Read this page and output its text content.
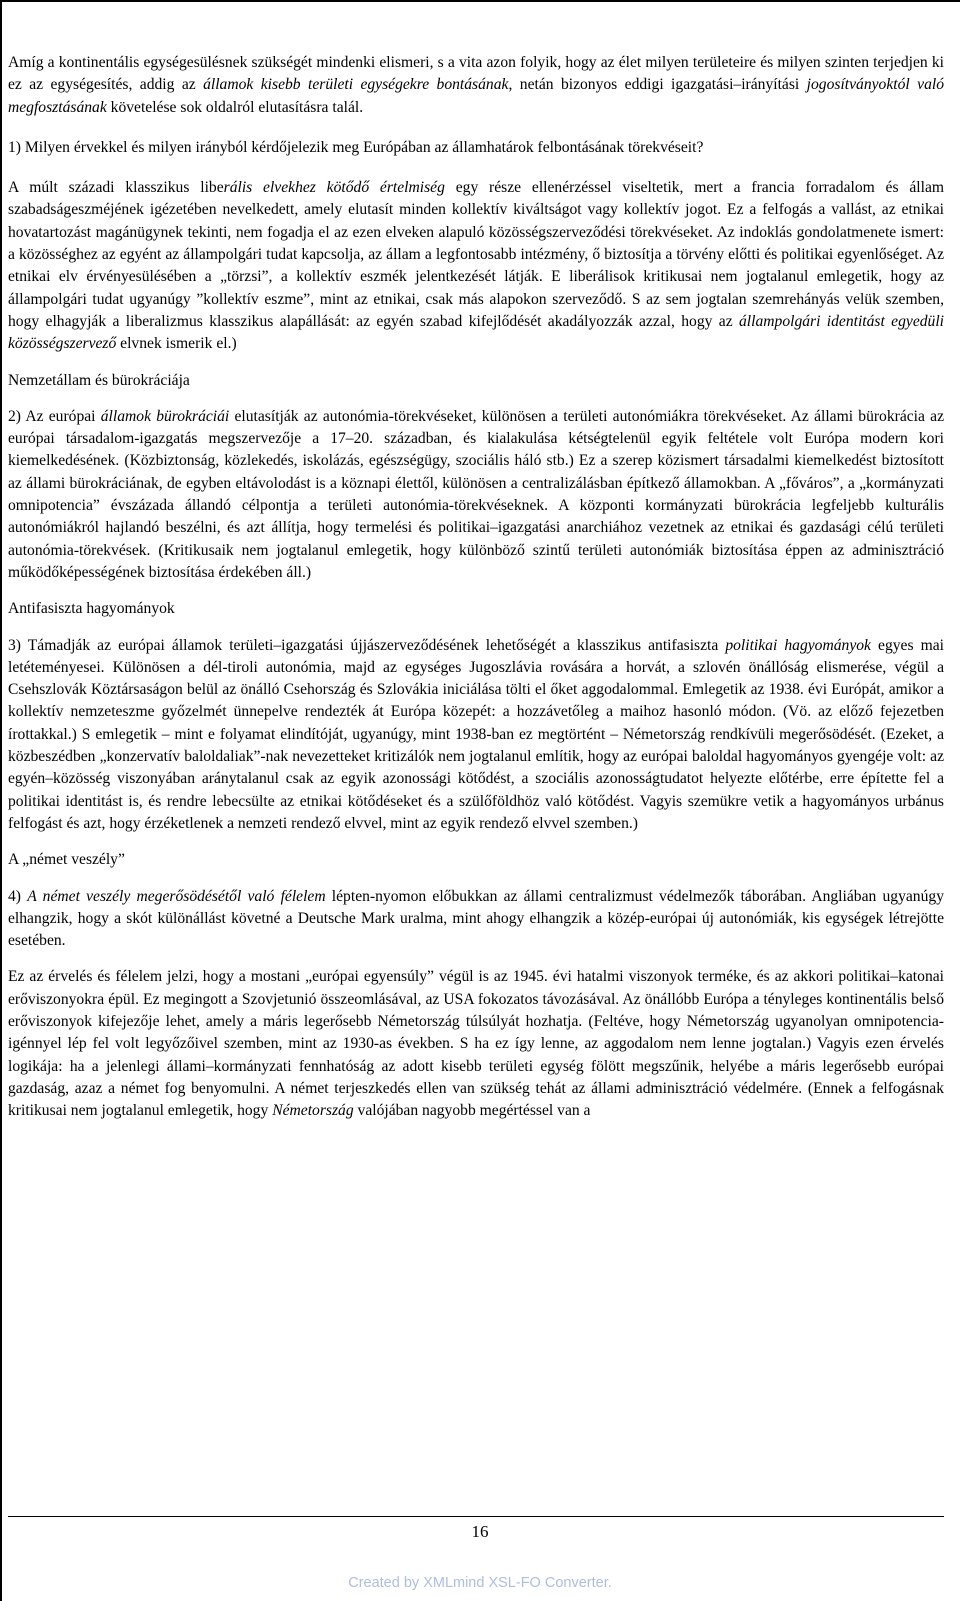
Amíg a kontinentális egységesülésnek szükségét mindenki elismeri, s a vita azon folyik, hogy az élet milyen területeire és milyen szinten terjedjen ki ez az egységesítés, addig az államok kisebb területi egységekre bontásának, netán bizonyos eddigi igazgatási–irányítási jogosítványoktól való megfosztásának követelése sok oldalról elutasításra talál.

1) Milyen érvekkel és milyen irányból kérdőjelezik meg Európában az államhatárok felbontásának törekvéseit?

A múlt századi klasszikus liberális elvekhez kötődő értelmiség egy része ellenérzéssel viseltetik, mert a francia forradalom és állam szabadságeszméjének igézetében nevelkedett, amely elutasít minden kollektív kiváltságot vagy kollektív jogot. Ez a felfogás a vallást, az etnikai hovatartozást magánügynek tekinti, nem fogadja el az ezen elveken alapuló közösségszerveződési törekvéseket. Az indoklás gondolatmenete ismert: a közösséghez az egyént az állampolgári tudat kapcsolja, az állam a legfontosabb intézmény, ő biztosítja a törvény előtti és politikai egyenlőséget. Az etnikai elv érvényesülésében a „törzsi”, a kollektív eszmék jelentkezését látják. E liberálisok kritikusai nem jogtalanul emlegetik, hogy az állampolgári tudat ugyanúgy ”kollektív eszme”, mint az etnikai, csak más alapokon szerveződő. S az sem jogtalan szemrehányás velük szemben, hogy elhagyják a liberalizmus klasszikus alapállását: az egyén szabad kifejlődését akadályozzák azzal, hogy az állampolgári identitást egyedüli közösségszervező elvnek ismerik el.)

Nemzetállam és bürokráciája

2) Az európai államok bürokráciái elutasítják az autonómia-törekvéseket, különösen a területi autonómiákra törekvéseket. Az állami bürokrácia az európai társadalom-igazgatás megszervezője a 17–20. században, és kialakulása kétségtelenül egyik feltétele volt Európa modern kori kiemelkedésének. (Közbiztonság, közlekedés, iskolázás, egészségügy, szociális háló stb.) Ez a szerep közismert társadalmi kiemelkedést biztosított az állami bürokráciának, de egyben eltávolodást is a köznapi élettől, különösen a centralizálásban építkező államokban. A „főváros”, a „kormányzati omnipotencia” évszázada állandó célpontja a területi autonómia-törekvéseknek. A központi kormányzati bürokrácia legfeljebb kulturális autonómiákról hajlandó beszélni, és azt állítja, hogy termelési és politikai–igazgatási anarchiához vezetnek az etnikai és gazdasági célú területi autonómia-törekvések. (Kritikusaik nem jogtalanul emlegetik, hogy különböző szintű területi autonómiák biztosítása éppen az adminisztráció működőképességének biztosítása érdekében áll.)

Antifasiszta hagyományok

3) Támadják az európai államok területi–igazgatási újjászerveződésének lehetőségét a klasszikus antifasiszta politikai hagyományok egyes mai letéteményesei. Különösen a dél-tiroli autonómia, majd az egységes Jugoszlávia rovására a horvát, a szlovén önállóság elismerése, végül a Csehszlovák Köztársaságon belül az önálló Csehország és Szlovákia iniciálása tölti el őket aggodalommal. Emlegetik az 1938. évi Európát, amikor a kollektív nemzeteszme győzelmét ünnepelve rendezték át Európa közepét: a hozzávetőleg a maihoz hasonló módon. (Vö. az előző fejezetben írottakkal.) S emlegetik – mint e folyamat elindítóját, ugyanúgy, mint 1938-ban ez megtörtént – Németország rendkívüli megerősödését. (Ezeket, a közbeszédben „konzervatív baloldaliak”-nak nevezetteket kritizálók nem jogtalanul említik, hogy az európai baloldal hagyományos gyengéje volt: az egyén–közösség viszonyában aránytalanul csak az egyik azonossági kötődést, a szociális azonosságtudatot helyezte előtérbe, erre építette fel a politikai identitást is, és rendre lebecsülte az etnikai kötődéseket és a szülőföldhöz való kötődést. Vagyis szemükre vetik a hagyományos urbánus felfogást és azt, hogy érzéketlenek a nemzeti rendező elvvel, mint az egyik rendező elvvel szemben.)

A „német veszély”

4) A német veszély megerősödésétől való félelem lépten-nyomon előbukkan az állami centralizmust védelmezők táborában. Angliában ugyanúgy elhangzik, hogy a skót különállást követné a Deutsche Mark uralma, mint ahogy elhangzik a közép-európai új autonómiák, kis egységek létrejötte esetében.

Ez az érvelés és félelem jelzi, hogy a mostani „európai egyensúly” végül is az 1945. évi hatalmi viszonyok terméke, és az akkori politikai–katonai erőviszonyokra épül. Ez megingott a Szovjetunió összeomlásával, az USA fokozatos távozásával. Az önállóbb Európa a tényleges kontinentális belső erőviszonyok kifejezője lehet, amely a máris legerősebb Németország túlsúlyát hozhatja. (Feltéve, hogy Németország ugyanolyan omnipotencia-igénnyel lép fel volt legyőzőivel szemben, mint az 1930-as években. S ha ez így lenne, az aggodalom nem lenne jogtalan.) Vagyis ezen érvelés logikája: ha a jelenlegi állami–kormányzati fennhatóság az adott kisebb területi egység fölött megszűnik, helyébe a máris legerősebb európai gazdaság, azaz a német fog benyomulni. A német terjeszkedés ellen van szükség tehát az állami adminisztráció védelmére. (Ennek a felfogásnak kritikusai nem jogtalanul emlegetik, hogy Németország valójában nagyobb megértéssel van a

16
Created by XMLmind XSL-FO Converter.
